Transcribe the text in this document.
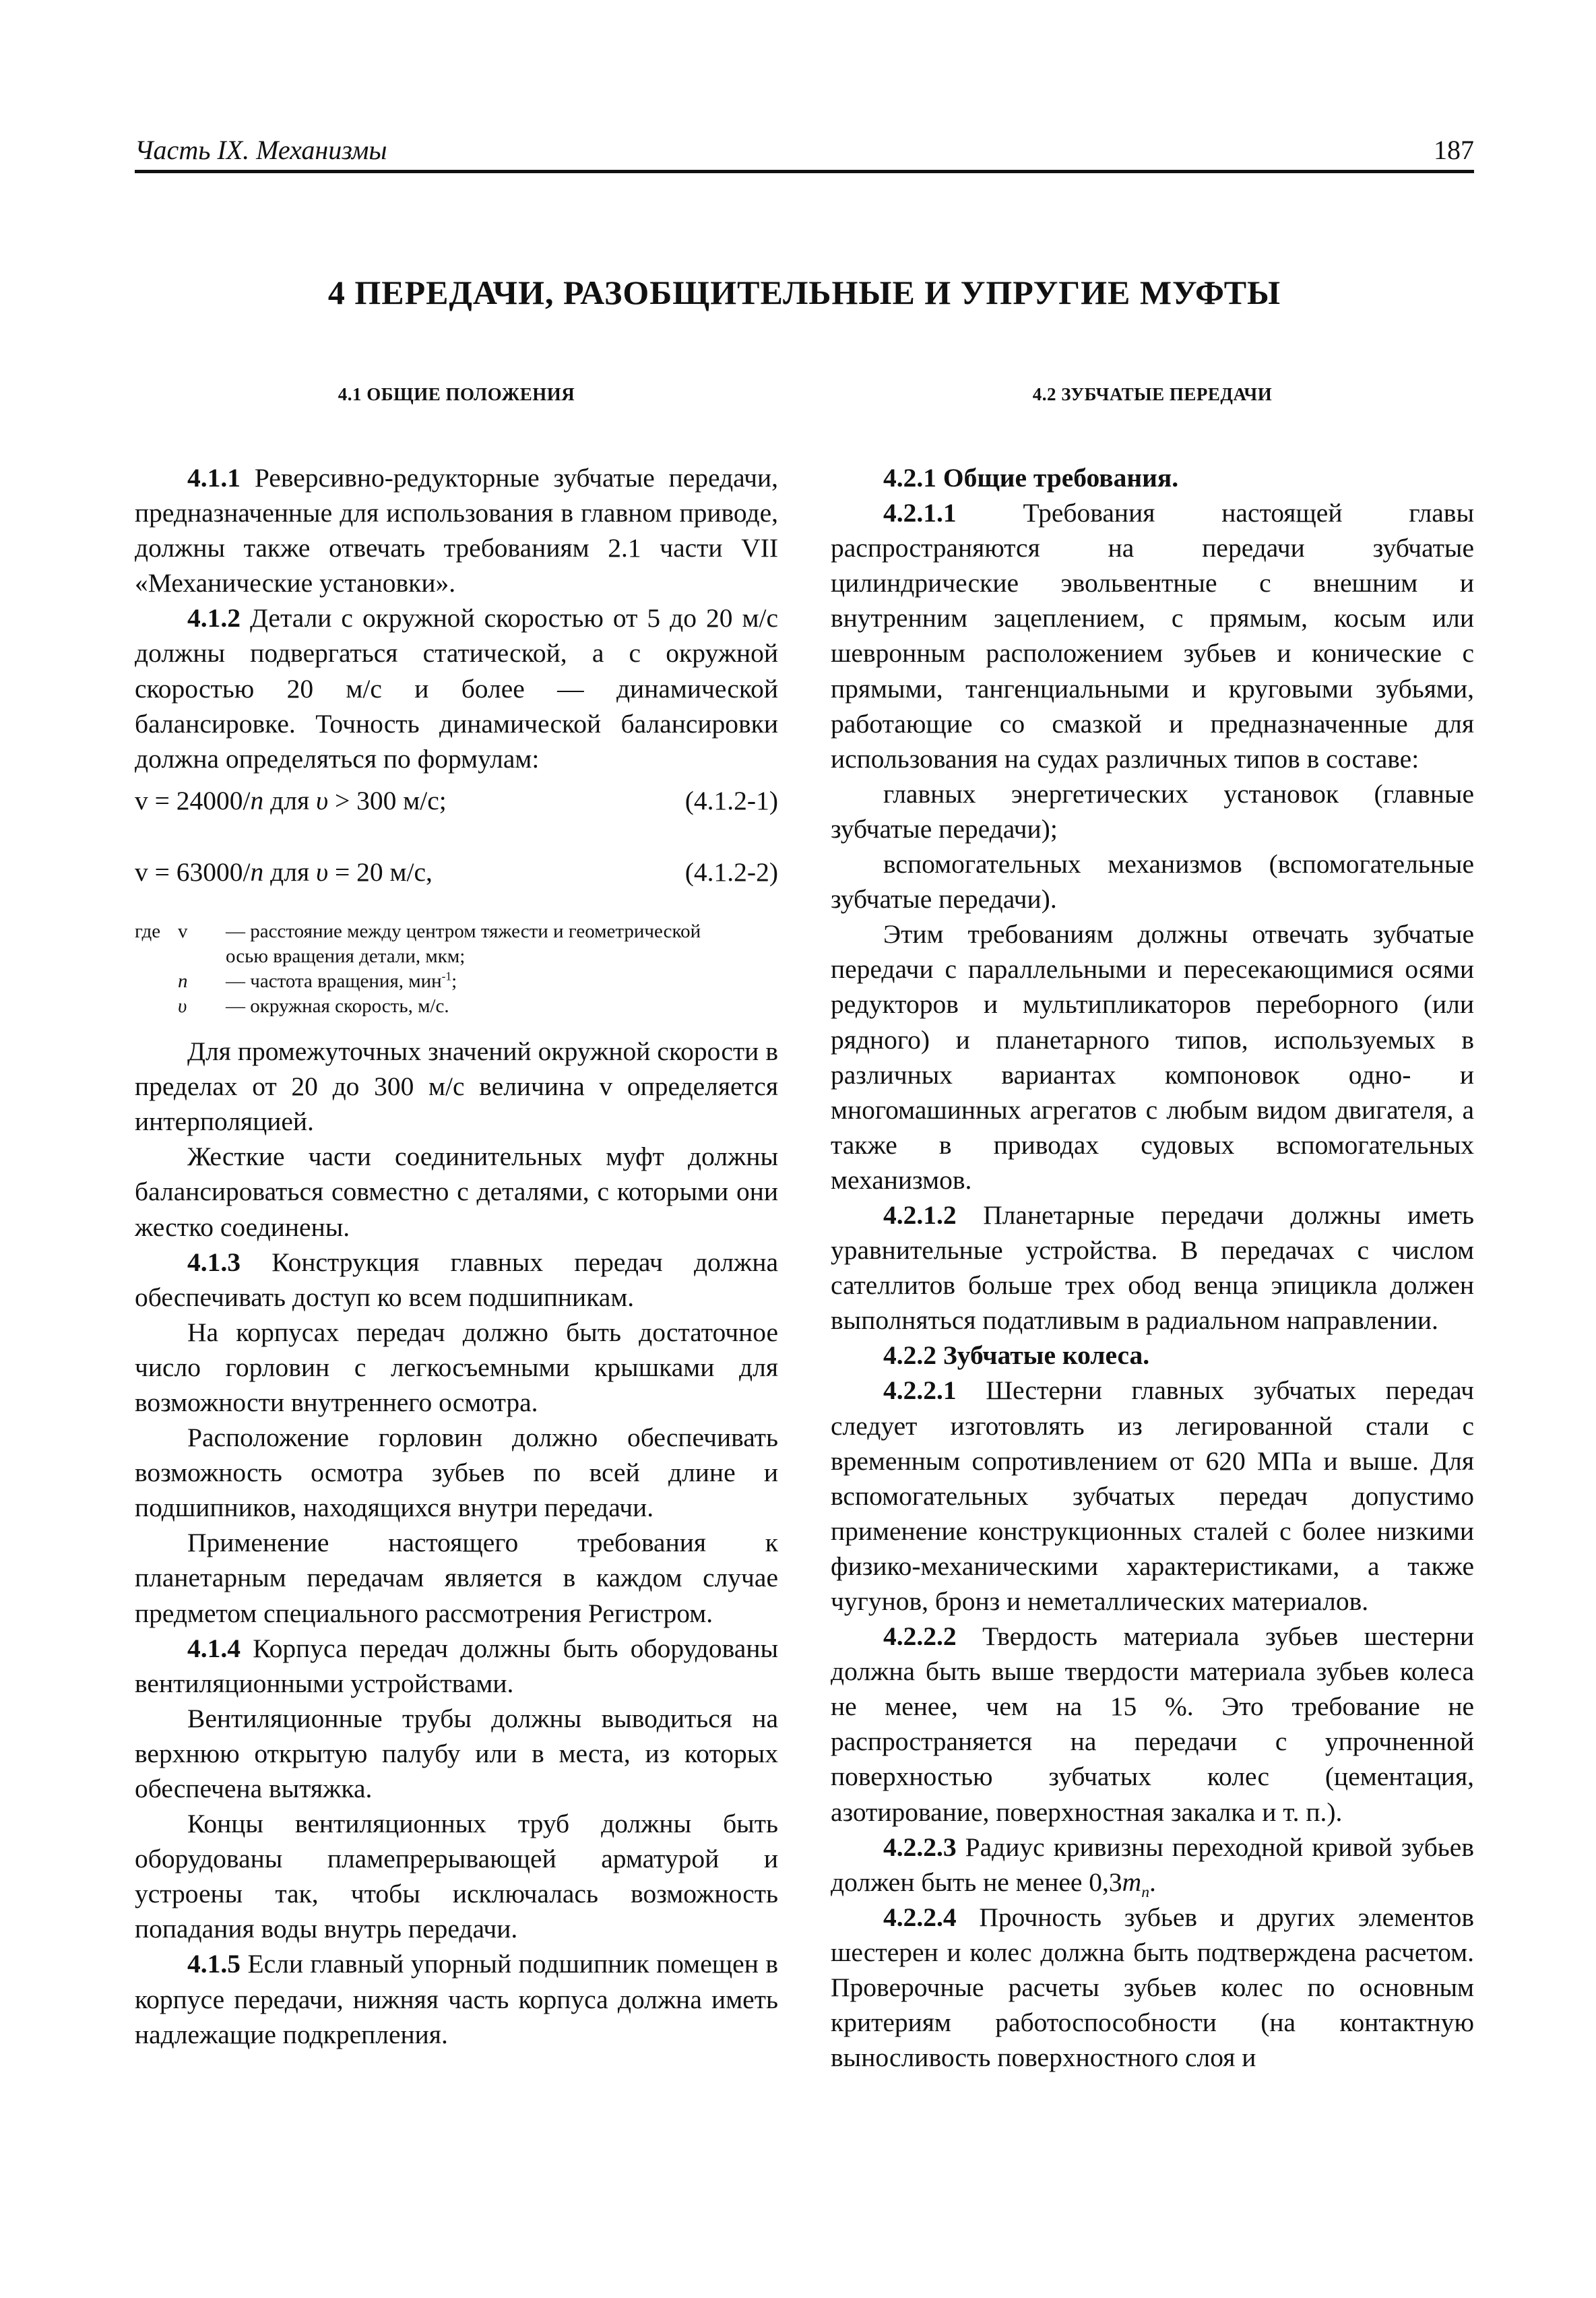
Часть IX. Механизмы	187
4 ПЕРЕДАЧИ, РАЗОБЩИТЕЛЬНЫЕ И УПРУГИЕ МУФТЫ
4.1 ОБЩИЕ ПОЛОЖЕНИЯ

4.1.1 Реверсивно-редукторные зубчатые передачи, предназначенные для использования в главном приводе, должны также отвечать требованиям 2.1 части VII «Механические установки».

4.1.2 Детали с окружной скоростью от 5 до 20 м/с должны подвергаться статической, а с окружной скоростью 20 м/с и более — динамической балансировке. Точность динамической балансировки должна определяться по формулам:

v = 24000/n для υ > 300 м/с;	(4.1.2-1)
v = 63000/n для υ = 20 м/с,	(4.1.2-2)
где v	— расстояние между центром тяжести и геометрической
осью вращения детали, мкм;
n	— частота вращения, мин$^{-1}$;
υ	— окружная скорость, м/с.

Для промежуточных значений окружной скорости в пределах от 20 до 300 м/с величина v определяется интерполяцией.

Жесткие части соединительных муфт должны балансироваться совместно с деталями, с которыми они жестко соединены.

4.1.3 Конструкция главных передач должна обеспечивать доступ ко всем подшипникам.

На корпусах передач должно быть достаточное число горловин с легкосъемными крышками для возможности внутреннего осмотра.

Расположение горловин должно обеспечивать возможность осмотра зубьев по всей длине и подшипников, находящихся внутри передачи.

Применение настоящего требования к планетарным передачам является в каждом случае предметом специального рассмотрения Регистром.

4.1.4 Корпуса передач должны быть оборудованы вентиляционными устройствами.

Вентиляционные трубы должны выводиться на верхнюю открытую палубу или в места, из которых обеспечена вытяжка.

Концы вентиляционных труб должны быть оборудованы пламепрерывающей арматурой и устроены так, чтобы исключалась возможность попадания воды внутрь передачи.

4.1.5 Если главный упорный подшипник помещен в корпусе передачи, нижняя часть корпуса должна иметь надлежащие подкрепления.

4.2 ЗУБЧАТЫЕ ПЕРЕДАЧИ

4.2.1 Общие требования.

4.2.1.1 Требования настоящей главы распространяются на передачи зубчатые цилиндрические эвольвентные с внешним и внутренним зацеплением, с прямым, косым или шевронным расположением зубьев и конические с прямыми, тангенциальными и круговыми зубьями, работающие со смазкой и предназначенные для использования на судах различных типов в составе:

главных энергетических установок (главные зубчатые передачи);

вспомогательных механизмов (вспомогательные зубчатые передачи).

Этим требованиям должны отвечать зубчатые передачи с параллельными и пересекающимися осями редукторов и мультипликаторов переборного (или рядного) и планетарного типов, используемых в различных вариантах компоновок одно- и многомашинных агрегатов с любым видом двигателя, а также в приводах судовых вспомогательных механизмов.

4.2.1.2 Планетарные передачи должны иметь уравнительные устройства. В передачах с числом сателлитов больше трех обод венца эпицикла должен выполняться податливым в радиальном направлении.

4.2.2 Зубчатые колеса.

4.2.2.1 Шестерни главных зубчатых передач следует изготовлять из легированной стали с временным сопротивлением от 620 МПа и выше. Для вспомогательных зубчатых передач допустимо применение конструкционных сталей с более низкими физико-механическими характеристиками, а также чугунов, бронз и неметаллических материалов.

4.2.2.2 Твердость материала зубьев шестерни должна быть выше твердости материала зубьев колеса не менее, чем на 15 %. Это требование не распространяется на передачи с упрочненной поверхностью зубчатых колес (цементация, азотирование, поверхностная закалка и т. п.).

4.2.2.3 Радиус кривизны переходной кривой зубьев должен быть не менее $0,3m_n$.

4.2.2.4 Прочность зубьев и других элементов шестерен и колес должна быть подтверждена расчетом. Проверочные расчеты зубьев колес по основным критериям работоспособности (на контактную выносливость поверхностного слоя и
